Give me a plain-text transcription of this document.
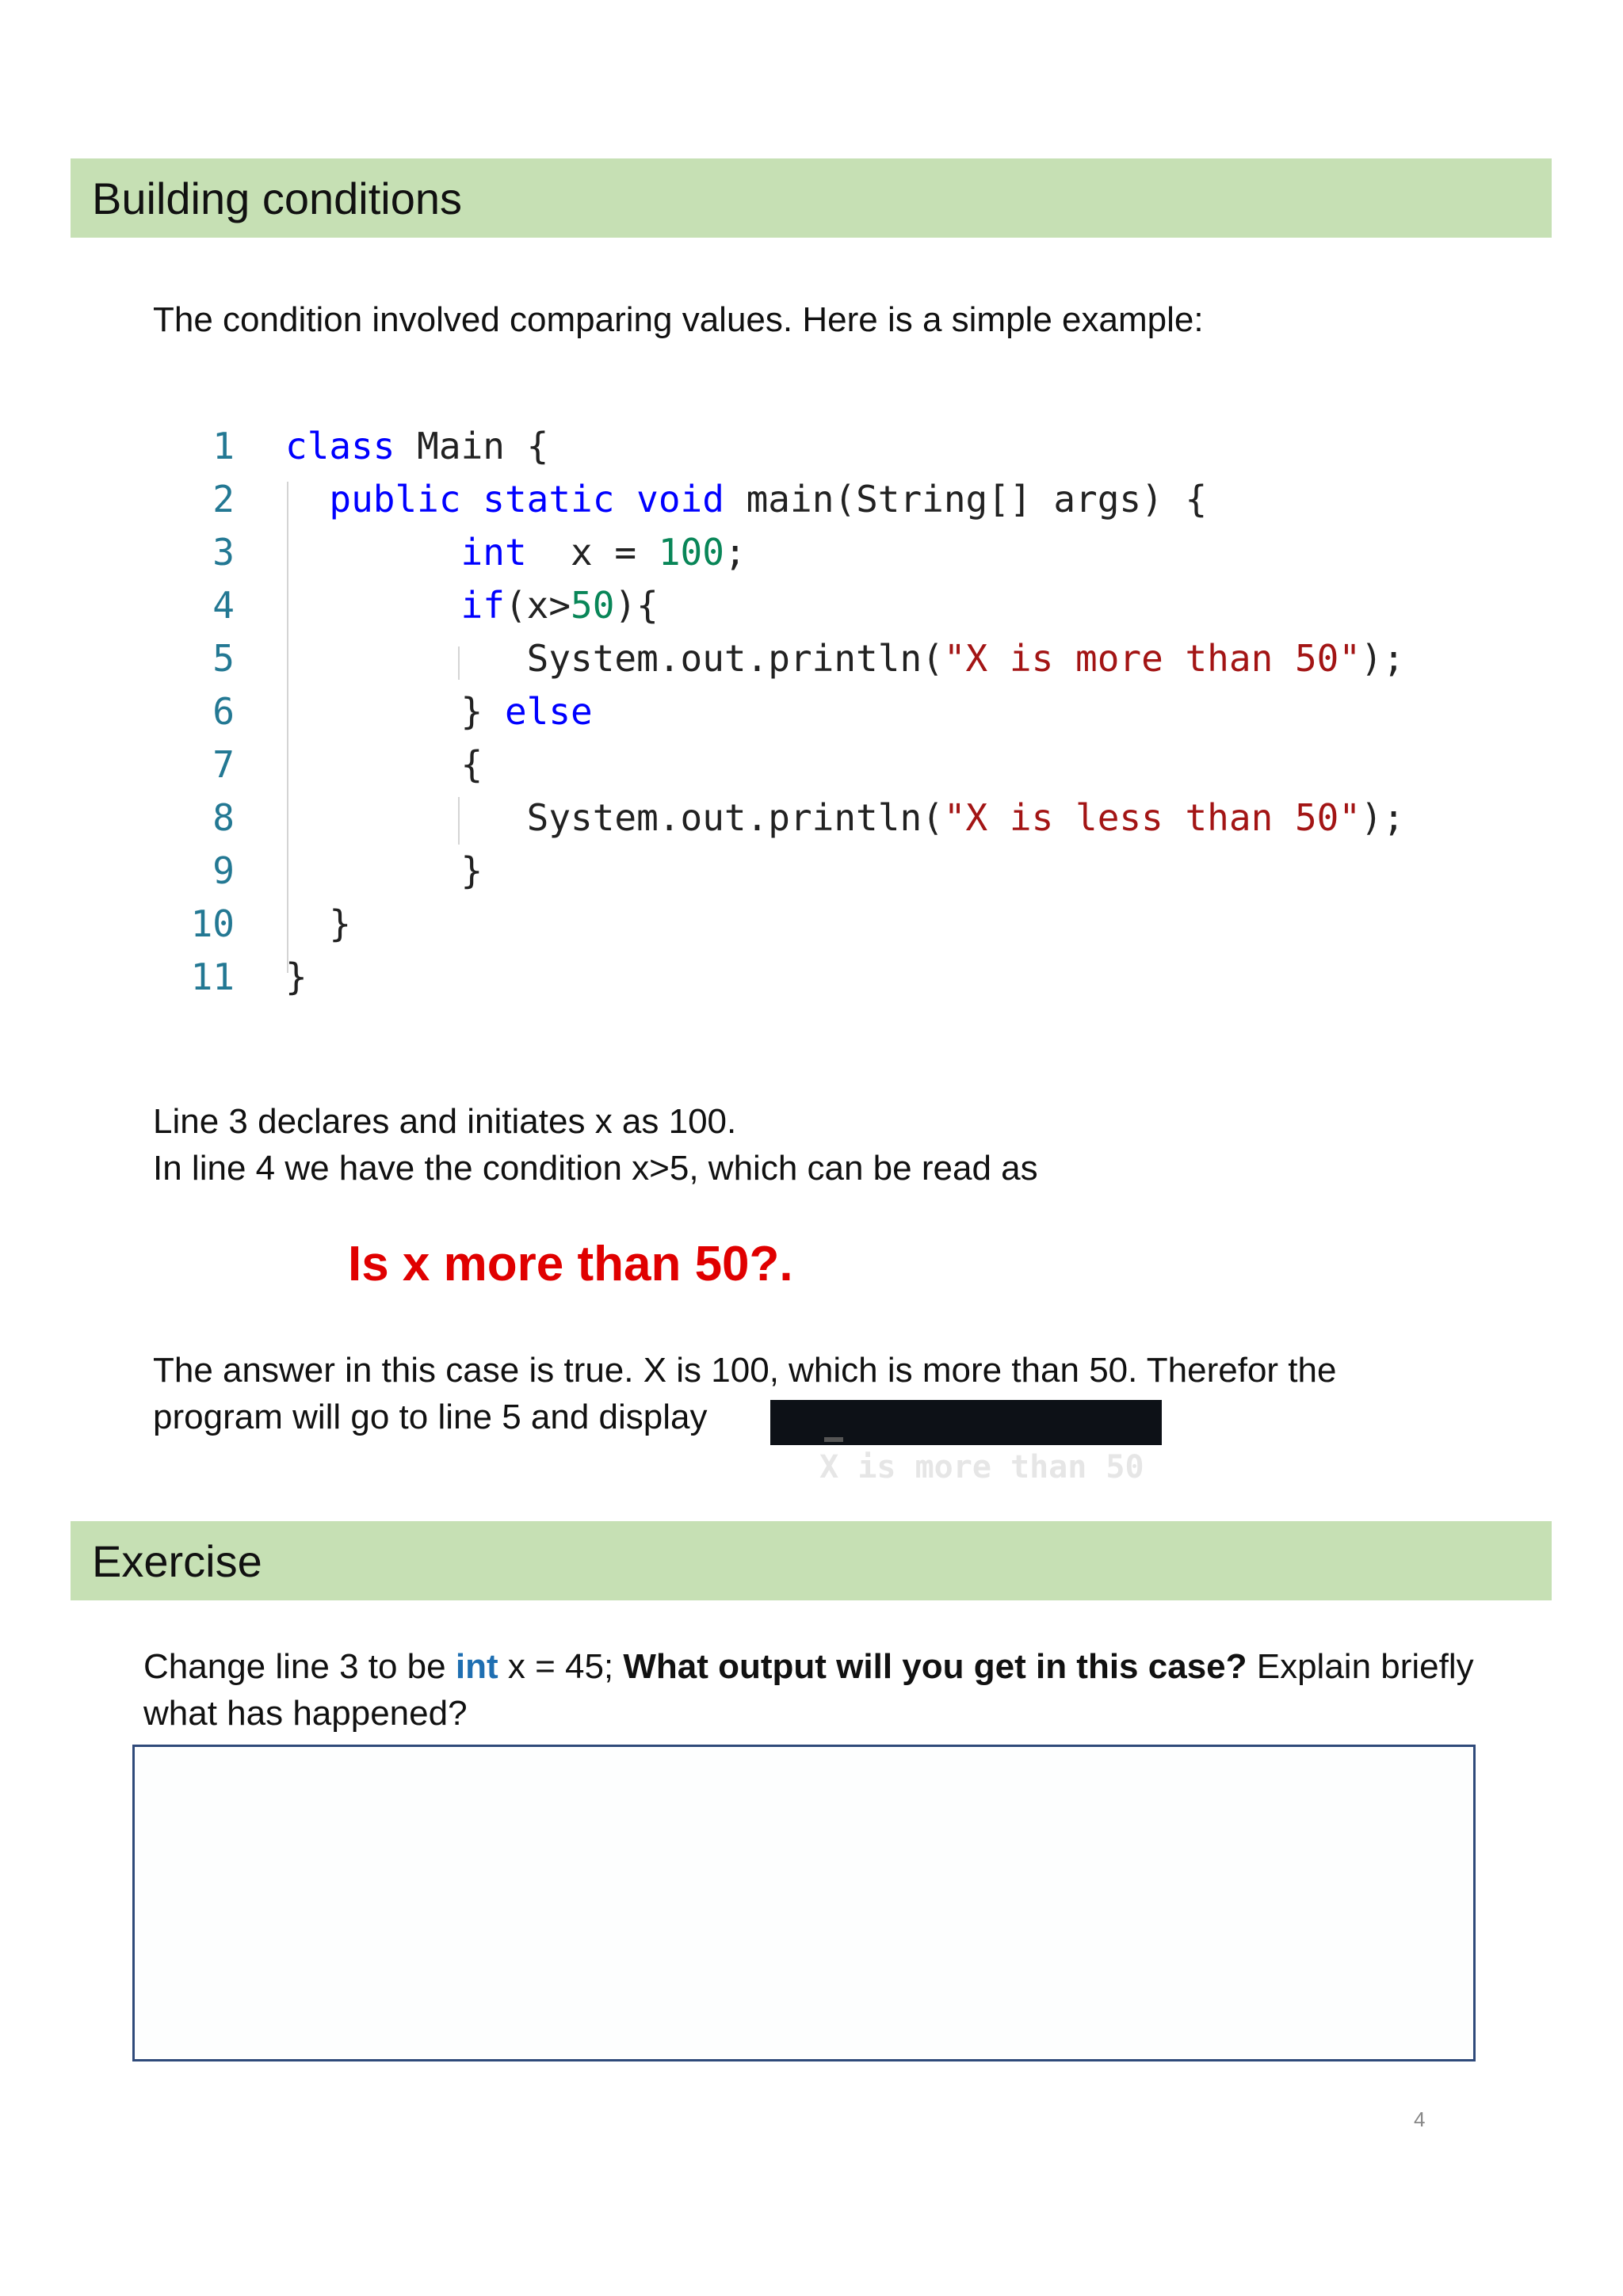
Building conditions
The condition involved comparing values. Here is a simple example:
1 class Main {
2 public static void main(String[] args) {
3 int  x = 100;
4 if(x>50){
5 System.out.println("X is more than 50");
6 } else
7 {
8 System.out.println("X is less than 50");
9 }
10 }
11 }
Line 3 declares and initiates x as 100.
In line 4 we have the condition x>5, which can be read as
Is x more than 50?.
The answer in this case is true. X is 100, which is more than 50. Therefor the
program will go to line 5 and display

X is more than 50

Exercise
Change line 3 to be int x = 45; What output will you get in this case? Explain briefly
what has happened?
4
